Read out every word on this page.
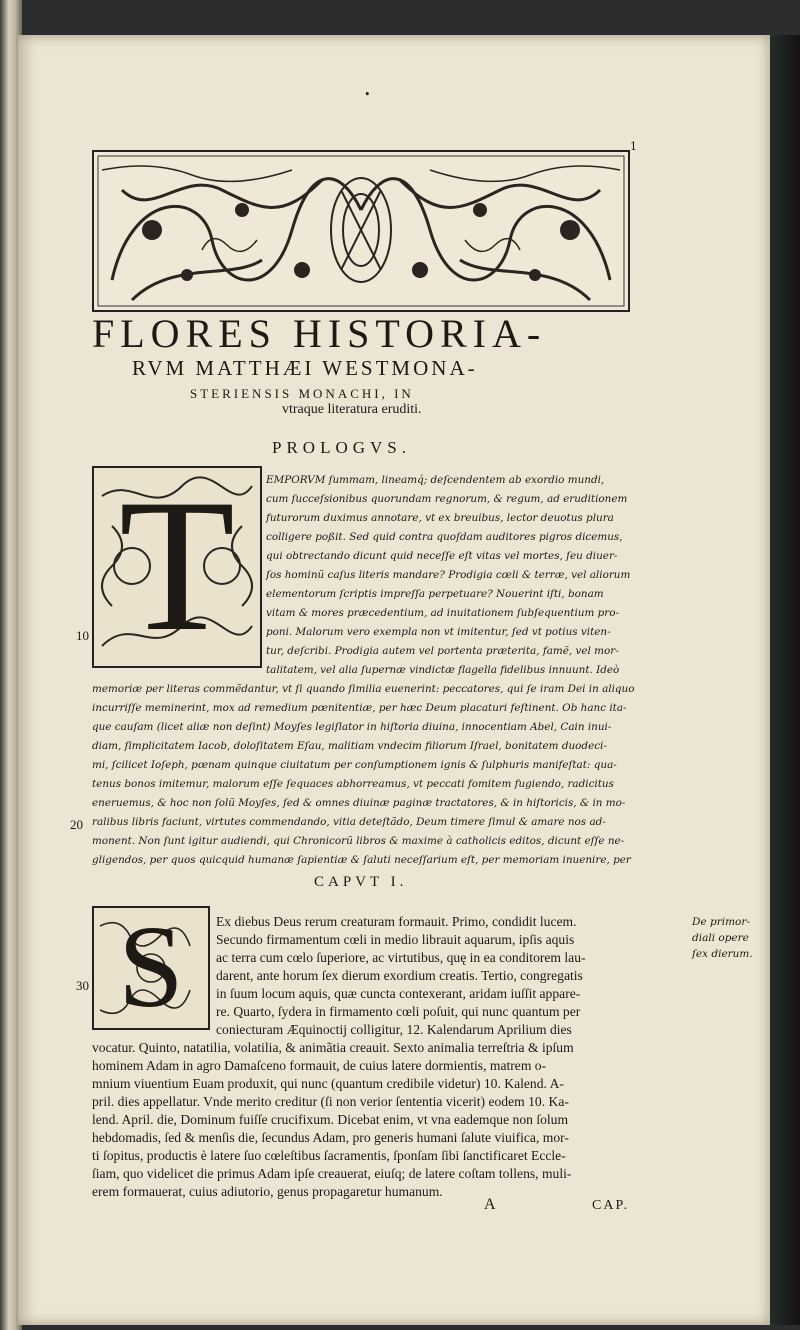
•
1
FLORES HISTORIA-
RVM MATTHÆI WESTMONA-
STERIENSIS MONACHI, IN
vtraque literatura eruditi.
PROLOGVS.
T	EMPORVM ſummam, lineamq́; deſcendentem ab exordio mundi,
cum ſucceſsionibus quorundam regnorum, & regum, ad eruditionem
futurorum duximus annotare, vt ex breuibus, lector deuotus plura
colligere poßit. Sed quid contra quoſdam auditores pigros dicemus,
qui obtrectando dicunt quid neceſſe eſt vitas vel mortes, ſeu diuer-
ſos hominũ caſus literis mandare? Prodigia cœli & terræ, vel aliorum
elementorum ſcriptis impreſſa perpetuare? Nouerint iſti, bonam
vitam & mores præcedentium, ad inuitationem ſubſequentium pro-
poni. Malorum vero exempla non vt imitentur, ſed vt potius viten-
tur, deſcribi. Prodigia autem vel portenta præterita, famẽ, vel mor-
talitatem, vel alia ſupernæ vindictæ flagella fidelibus innuunt. Ideò
memoriæ per literas commẽdantur, vt ſi quando ſimilia euenerint: peccatores, qui ſe iram Dei in aliquo
incurriſſe meminerint, mox ad remedium pœnitentiæ, per hæc Deum placaturi feſtinent. Ob hanc ita-
que cauſam (licet aliæ non deſint) Moyſes legiſlator in hiſtoria diuina, innocentiam Abel, Cain inui-
diam, ſimplicitatem Iacob, doloſitatem Eſau, malitiam vndecim filiorum Iſrael, bonitatem duodeci-
mi, ſcilicet Ioſeph, pœnam quinque ciuitatum per conſumptionem ignis & ſulphuris manifeſtat: qua-
tenus bonos imitemur, malorum eſſe ſequaces abhorreamus, vt peccati fomitem fugiendo, radicitus
eneruemus, & hoc non ſolũ Moyſes, ſed & omnes diuinæ paginæ tractatores, & in hiſtoricis, & in mo-
ralibus libris faciunt, virtutes commendando, vitia deteſtãdo, Deum timere ſimul & amare nos ad-
monent. Non ſunt igitur audiendi, qui Chronicorũ libros & maxime à catholicis editos, dicunt eſſe ne-
gligendos, per quos quicquid humanæ ſapientiæ & ſaluti neceſſarium eſt, per memoriam inuenire, per
10
20
CAPVT I.
S	Ex diebus Deus rerum creaturam formauit. Primo, condidit lucem.
Secundo firmamentum cœli in medio librauit aquarum, ipſis aquis
ac terra cum cœlo ſuperiore, ac virtutibus, quę in ea conditorem lau-
darent, ante horum ſex dierum exordium creatis. Tertio, congregatis
in ſuum locum aquis, quæ cuncta contexerant, aridam iuſſit appare-
re. Quarto, ſydera in firmamento cœli poſuit, qui nunc quantum per
coniecturam Æquinoctij colligitur, 12. Kalendarum Aprilium dies
vocatur. Quinto, natatilia, volatilia, & animãtia creauit. Sexto animalia terreſtria & ipſum
hominem Adam in agro Damaſceno formauit, de cuius latere dormientis, matrem o-
mnium viuentium Euam produxit, qui nunc (quantum credibile videtur) 10. Kalend. A-
pril. dies appellatur. Vnde merito creditur (ſi non verior ſententia vicerit) eodem 10. Ka-
lend. April. die, Dominum fuiſſe crucifixum. Dicebat enim, vt vna eademque non ſolum
hebdomadis, ſed & menſis die, ſecundus Adam, pro generis humani ſalute viuifica, mor-
ti ſopitus, productis è latere ſuo cœleſtibus ſacramentis, ſponſam ſibi ſanctificaret Eccle-
ſiam, quo videlicet die primus Adam ipſe creauerat, eiuſq; de latere coſtam tollens, muli-
erem formauerat, cuius adiutorio, genus propagaretur humanum.
30
De primor-
diali opere
ſex dierum.
A	CAP.
